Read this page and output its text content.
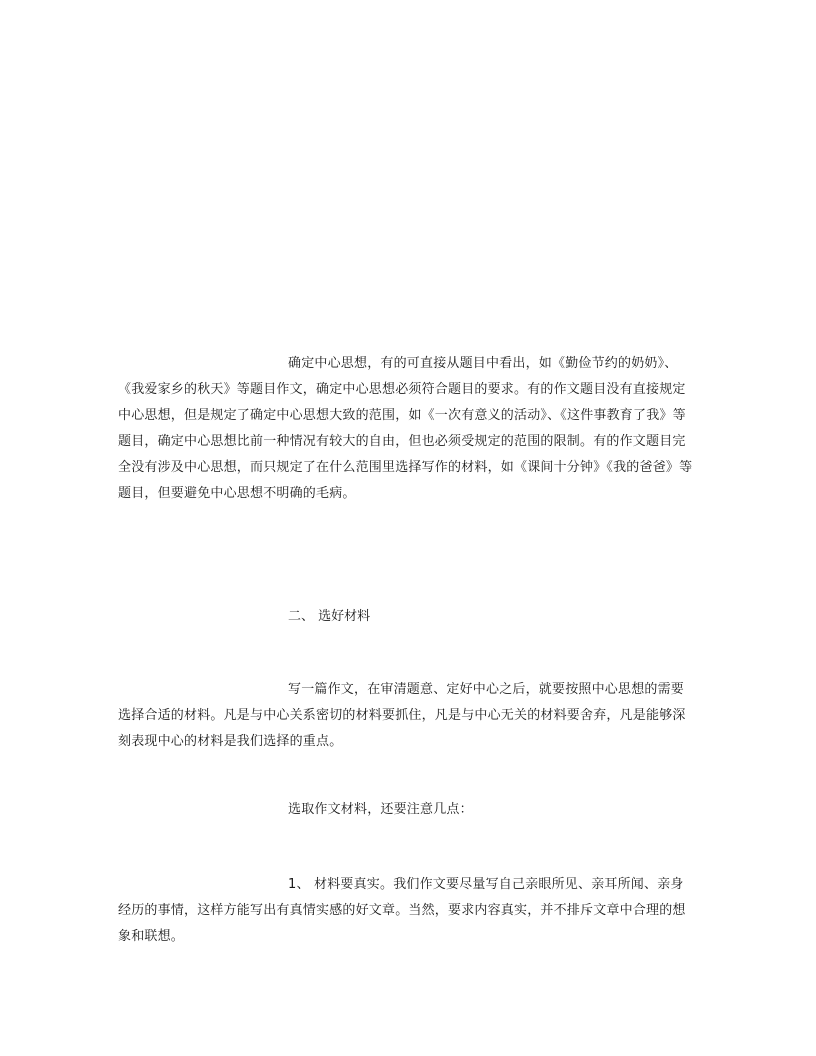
确定中心思想，有的可直接从题目中看出，如《勤俭节约的奶奶》、《我爱家乡的秋天》等题目作文，确定中心思想必须符合题目的要求。有的作文题目没有直接规定中心思想，但是规定了确定中心思想大致的范围，如《一次有意义的活动》、《这件事教育了我》等题目，确定中心思想比前一种情况有较大的自由，但也必须受规定的范围的限制。有的作文题目完全没有涉及中心思想，而只规定了在什么范围里选择写作的材料，如《课间十分钟》《我的爸爸》等题目，但要避免中心思想不明确的毛病。

二、 选好材料

写一篇作文，在审清题意、定好中心之后，就要按照中心思想的需要选择合适的材料。凡是与中心关系密切的材料要抓住，凡是与中心无关的材料要舍弃，凡是能够深刻表现中心的材料是我们选择的重点。

选取作文材料，还要注意几点：

1、 材料要真实。我们作文要尽量写自己亲眼所见、亲耳所闻、亲身经历的事情，这样方能写出有真情实感的好文章。当然，要求内容真实，并不排斥文章中合理的想象和联想。
